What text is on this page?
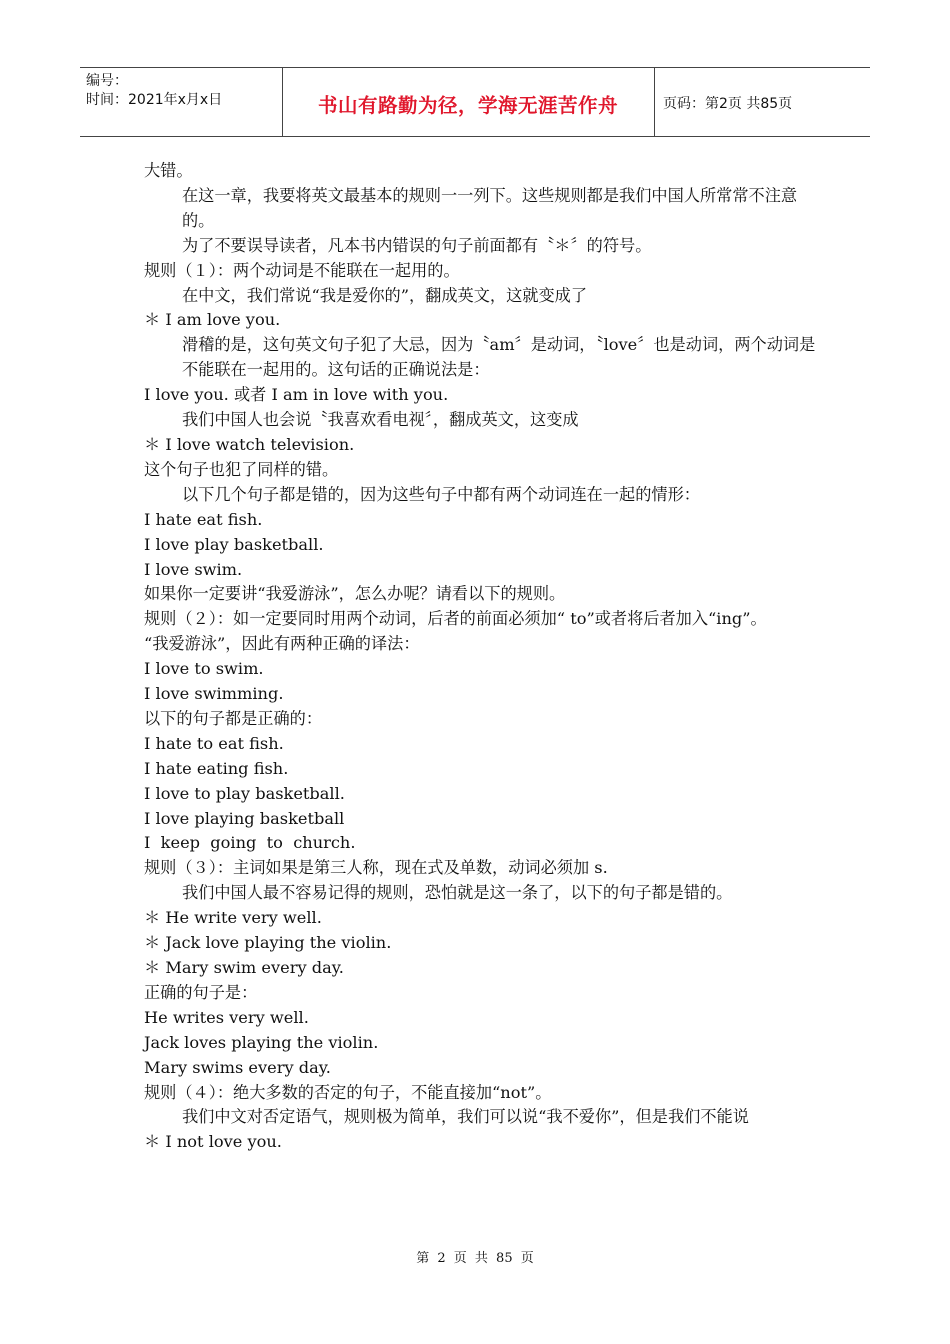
编号：
时间：2021年x月x日	书山有路勤为径，学海无涯苦作舟	页码：第2页 共85页
大错。
在这一章，我要将英文最基本的规则一一列下。这些规则都是我们中国人所常常不注意的。
为了不要误导读者，凡本书内错误的句子前面都有〝＊〞的符号。
规则（１）：两个动词是不能联在一起用的。
在中文，我们常说“我是爱你的”，翻成英文，这就变成了
＊ I am love you.
滑稽的是，这句英文句子犯了大忌，因为〝am〞是动词，〝love〞也是动词，两个动词是不能联在一起用的。这句话的正确说法是：
I love you. 或者 I am in love with you.
我们中国人也会说〝我喜欢看电视〞，翻成英文，这变成
＊ I love watch television.
这个句子也犯了同样的错。
以下几个句子都是错的，因为这些句子中都有两个动词连在一起的情形：
I hate eat fish.
I love play basketball.
I love swim.
如果你一定要讲“我爱游泳”，怎么办呢？请看以下的规则。
规则（２）：如一定要同时用两个动词，后者的前面必须加“ to”或者将后者加入“ing”。
“我爱游泳”，因此有两种正确的译法：
I love to swim.
I love swimming.
以下的句子都是正确的：
I hate to eat fish.
I hate eating fish.
I love to play basketball.
I love playing basketball
I  keep  going  to  church.
规则（３）：主词如果是第三人称，现在式及单数，动词必须加 s.
我们中国人最不容易记得的规则，恐怕就是这一条了，以下的句子都是错的。
＊ He write very well.
＊ Jack love playing the violin.
＊ Mary swim every day.
正确的句子是：
He writes very well.
Jack loves playing the violin.
Mary swims every day.
规则（４）：绝大多数的否定的句子，不能直接加“not”。
我们中文对否定语气，规则极为简单，我们可以说“我不爱你”，但是我们不能说
＊ I not love you.
第 2 页 共 85 页
